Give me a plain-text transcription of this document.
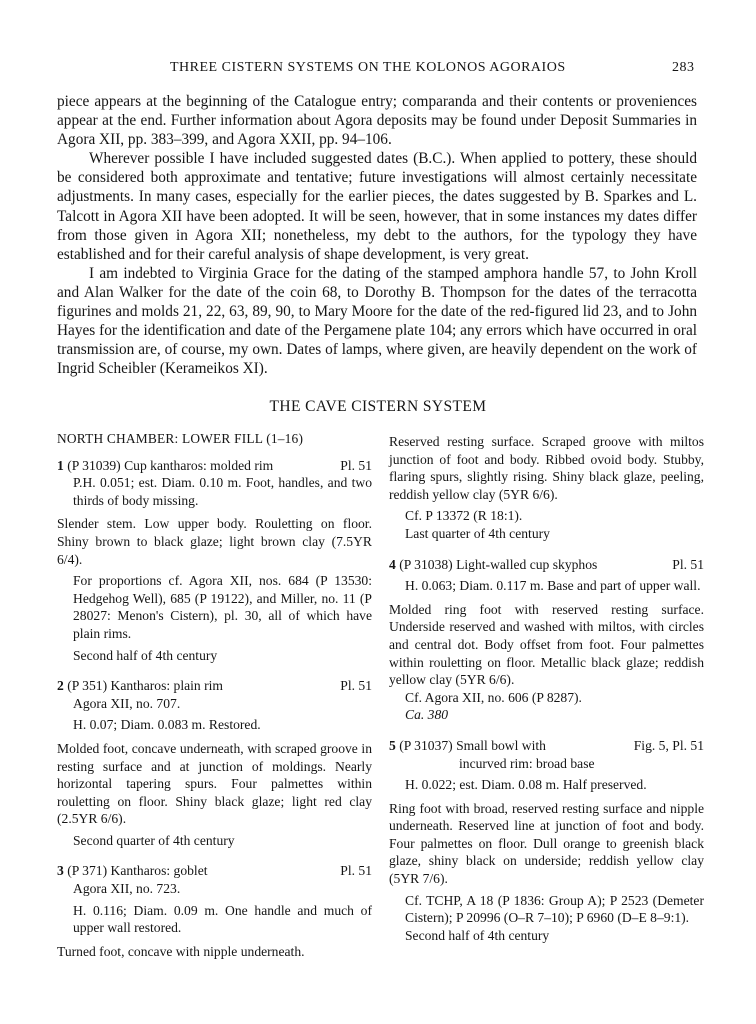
THREE CISTERN SYSTEMS ON THE KOLONOS AGORAIOS	283

piece appears at the beginning of the Catalogue entry; comparanda and their contents or proveniences appear at the end. Further information about Agora deposits may be found under Deposit Summaries in Agora XII, pp. 383–399, and Agora XXII, pp. 94–106.

Wherever possible I have included suggested dates (B.C.). When applied to pottery, these should be considered both approximate and tentative; future investigations will almost certainly necessitate adjustments. In many cases, especially for the earlier pieces, the dates suggested by B. Sparkes and L. Talcott in Agora XII have been adopted. It will be seen, however, that in some instances my dates differ from those given in Agora XII; nonetheless, my debt to the authors, for the typology they have established and for their careful analysis of shape development, is very great.

I am indebted to Virginia Grace for the dating of the stamped amphora handle 57, to John Kroll and Alan Walker for the date of the coin 68, to Dorothy B. Thompson for the dates of the terracotta figurines and molds 21, 22, 63, 89, 90, to Mary Moore for the date of the red-figured lid 23, and to John Hayes for the identification and date of the Pergamene plate 104; any errors which have occurred in oral transmission are, of course, my own. Dates of lamps, where given, are heavily dependent on the work of Ingrid Scheibler (Kerameikos XI).

THE CAVE CISTERN SYSTEM

NORTH CHAMBER: LOWER FILL (1–16)

1 (P 31039) Cup kantharos: molded rim	Pl. 51

P.H. 0.051; est. Diam. 0.10 m. Foot, handles, and two thirds of body missing.

Slender stem. Low upper body. Rouletting on floor. Shiny brown to black glaze; light brown clay (7.5YR 6/4).

For proportions cf. Agora XII, nos. 684 (P 13530: Hedgehog Well), 685 (P 19122), and Miller, no. 11 (P 28027: Menon's Cistern), pl. 30, all of which have plain rims.

Second half of 4th century

2 (P 351) Kantharos: plain rim	Pl. 51

Agora XII, no. 707.

H. 0.07; Diam. 0.083 m. Restored.

Molded foot, concave underneath, with scraped groove in resting surface and at junction of moldings. Nearly horizontal tapering spurs. Four palmettes within rouletting on floor. Shiny black glaze; light red clay (2.5YR 6/6).

Second quarter of 4th century

3 (P 371) Kantharos: goblet	Pl. 51

Agora XII, no. 723.

H. 0.116; Diam. 0.09 m. One handle and much of upper wall restored.

Turned foot, concave with nipple underneath.

Reserved resting surface. Scraped groove with miltos junction of foot and body. Ribbed ovoid body. Stubby, flaring spurs, slightly rising. Shiny black glaze, peeling, reddish yellow clay (5YR 6/6).

Cf. P 13372 (R 18:1).

Last quarter of 4th century

4 (P 31038) Light-walled cup skyphos	Pl. 51

H. 0.063; Diam. 0.117 m. Base and part of upper wall.

Molded ring foot with reserved resting surface. Underside reserved and washed with miltos, with circles and central dot. Body offset from foot. Four palmettes within rouletting on floor. Metallic black glaze; reddish yellow clay (5YR 6/6).

Cf. Agora XII, no. 606 (P 8287).

Ca. 380

5 (P 31037) Small bowl with	Fig. 5, Pl. 51

incurved rim: broad base

H. 0.022; est. Diam. 0.08 m. Half preserved.

Ring foot with broad, reserved resting surface and nipple underneath. Reserved line at junction of foot and body. Four palmettes on floor. Dull orange to greenish black glaze, shiny black on underside; reddish yellow clay (5YR 7/6).

Cf. TCHP, A 18 (P 1836: Group A); P 2523 (Demeter Cistern); P 20996 (O–R 7–10); P 6960 (D–E 8–9:1).

Second half of 4th century
